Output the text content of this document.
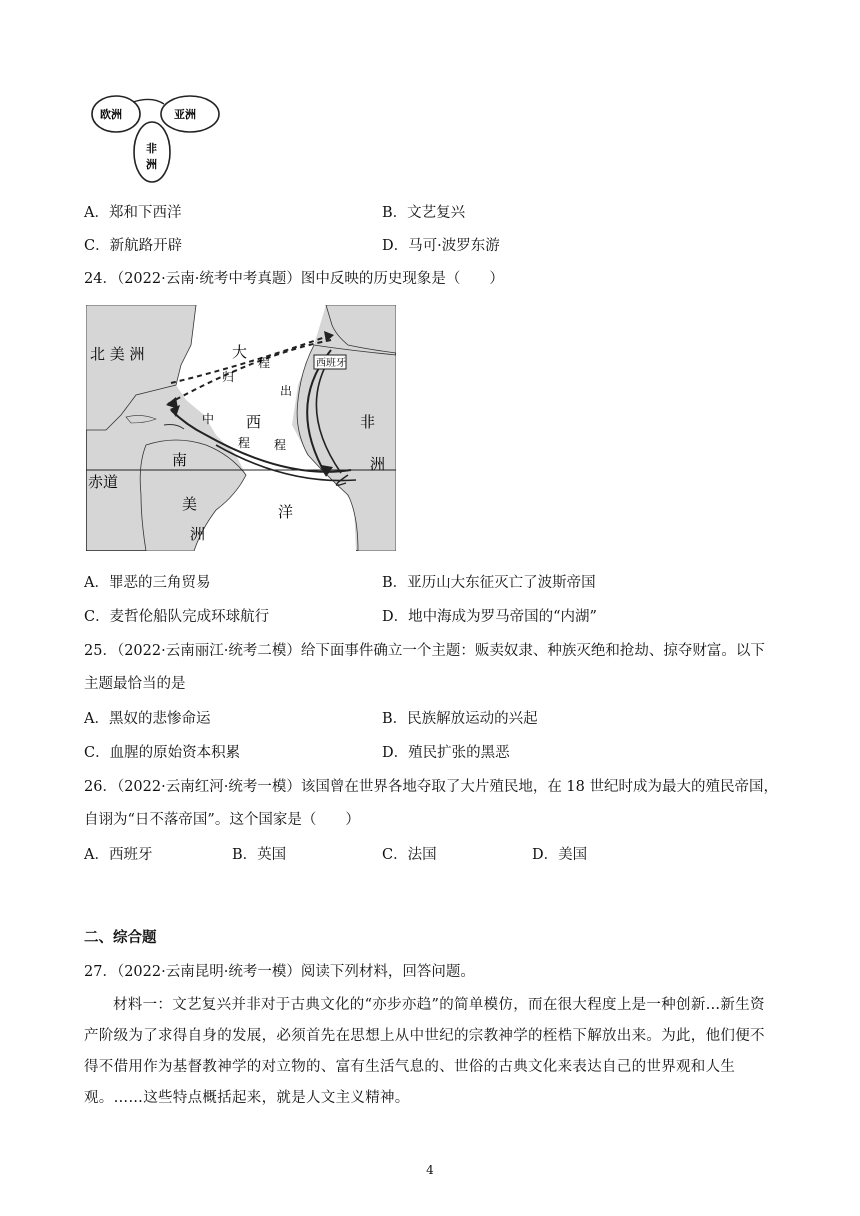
欧洲	亚洲
非
洲
A．郑和下西洋	B．文艺复兴
C．新航路开辟	D．马可·波罗东游
24．（2022·云南·统考中考真题）图中反映的历史现象是（　　）
西班牙
北 美 洲
南
美
洲
非
洲
赤道
大
西
洋
归
程
出
程
中
程
A．罪恶的三角贸易	B．亚历山大东征灭亡了波斯帝国
C．麦哲伦船队完成环球航行	D．地中海成为罗马帝国的“内湖”
25．（2022·云南丽江·统考二模）给下面事件确立一个主题：贩卖奴隶、种族灭绝和抢劫、掠夺财富。以下
主题最恰当的是
A．黑奴的悲惨命运	B．民族解放运动的兴起
C．血腥的原始资本积累	D．殖民扩张的黑恶
26．（2022·云南红河·统考一模）该国曾在世界各地夺取了大片殖民地，在 18 世纪时成为最大的殖民帝国，
自诩为“日不落帝国”。这个国家是（　　）
A．西班牙	B．英国	C．法国	D．美国
二、综合题
27．（2022·云南昆明·统考一模）阅读下列材料，回答问题。
材料一：文艺复兴并非对于古典文化的“亦步亦趋”的简单模仿，而在很大程度上是一种创新…新生资产阶级为了求得自身的发展，必须首先在思想上从中世纪的宗教神学的桎梏下解放出来。为此，他们便不得不借用作为基督教神学的对立物的、富有生活气息的、世俗的古典文化来表达自己的世界观和人生观。……这些特点概括起来，就是人文主义精神。
4
